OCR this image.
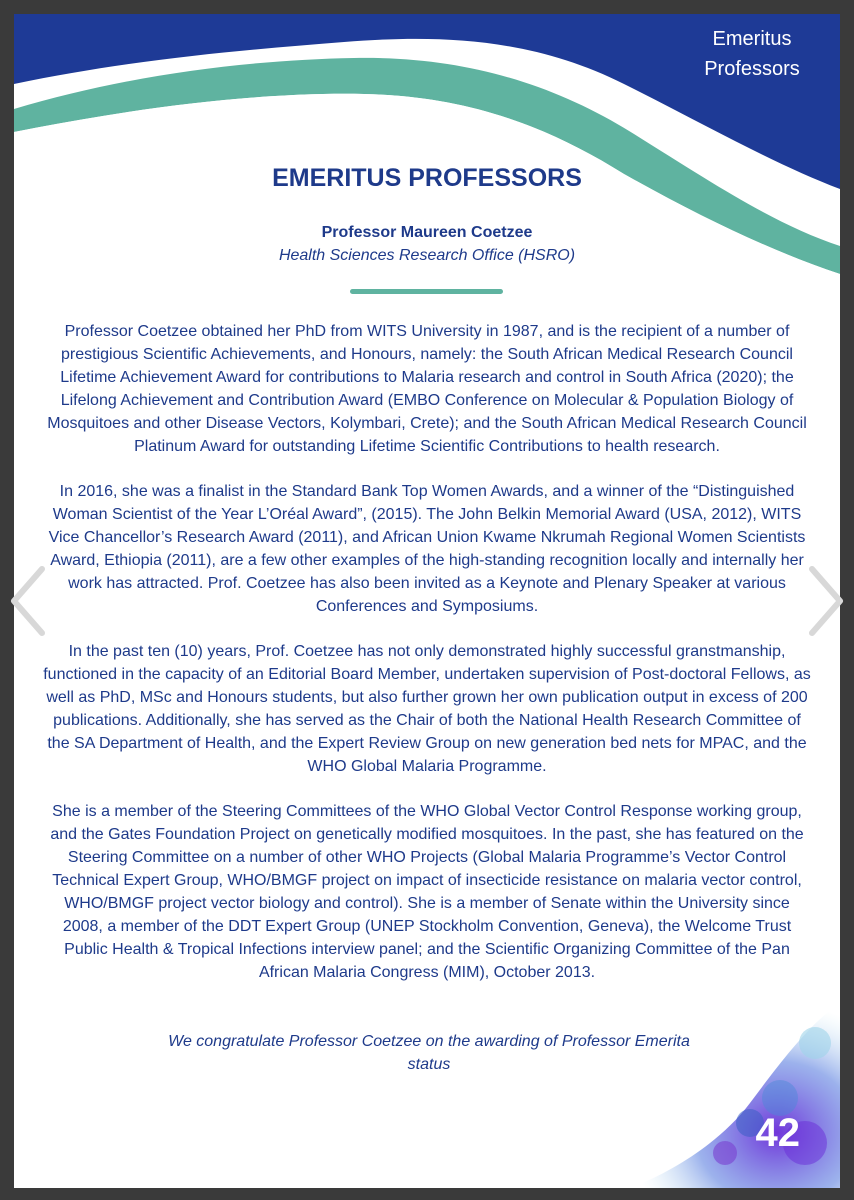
Emeritus
Professors
EMERITUS PROFESSORS
Professor Maureen Coetzee
Health Sciences Research Office (HSRO)

Professor Coetzee obtained her PhD from WITS University in 1987, and is the recipient of a number of prestigious Scientific Achievements, and Honours, namely: the South African Medical Research Council Lifetime Achievement Award for contributions to Malaria research and control in South Africa (2020); the Lifelong Achievement and Contribution Award (EMBO Conference on Molecular & Population Biology of Mosquitoes and other Disease Vectors, Kolymbari, Crete); and the South African Medical Research Council Platinum Award for outstanding Lifetime Scientific Contributions to health research.

In 2016, she was a finalist in the Standard Bank Top Women Awards, and a winner of the “Distinguished Woman Scientist of the Year L’Oréal Award”, (2015). The John Belkin Memorial Award (USA, 2012), WITS Vice Chancellor’s Research Award (2011), and African Union Kwame Nkrumah Regional Women Scientists Award, Ethiopia (2011), are a few other examples of the high-standing recognition locally and internally her work has attracted. Prof. Coetzee has also been invited as a Keynote and Plenary Speaker at various Conferences and Symposiums.

In the past ten (10) years, Prof. Coetzee has not only demonstrated highly successful granstmanship, functioned in the capacity of an Editorial Board Member, undertaken supervision of Post-doctoral Fellows, as well as PhD, MSc and Honours students, but also further grown her own publication output in excess of 200 publications. Additionally, she has served as the Chair of both the National Health Research Committee of the SA Department of Health, and the Expert Review Group on new generation bed nets for MPAC, and the WHO Global Malaria Programme.

She is a member of the Steering Committees of the WHO Global Vector Control Response working group, and the Gates Foundation Project on genetically modified mosquitoes. In the past, she has featured on the Steering Committee on a number of other WHO Projects (Global Malaria Programme’s Vector Control Technical Expert Group, WHO/BMGF project on impact of insecticide resistance on malaria vector control, WHO/BMGF project vector biology and control). She is a member of Senate within the University since 2008, a member of the DDT Expert Group (UNEP Stockholm Convention, Geneva), the Welcome Trust Public Health & Tropical Infections interview panel; and the Scientific Organizing Committee of the Pan African Malaria Congress (MIM), October 2013.

We congratulate Professor Coetzee on the awarding of Professor Emerita status
42
